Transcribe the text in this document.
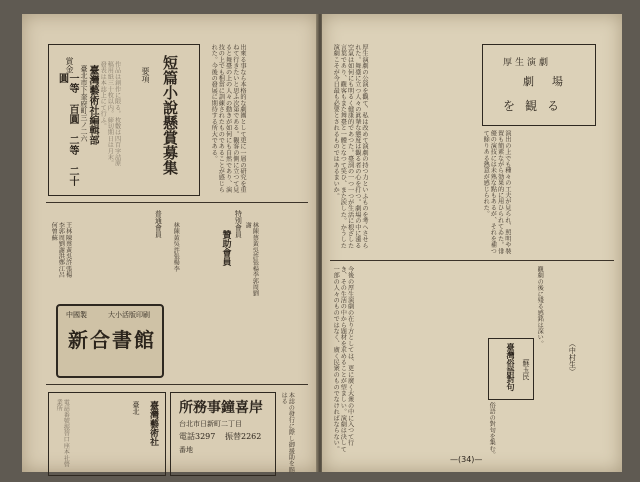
短篇小說懸賞募集
要項
賞金
一等 百圓 二等 二十圓	臺北市下奎府町三ノ二六 臺灣藝術社編輯部	作品は創作に限る。枚數は四百字詰原稿用紙三十枚以内。締切期日は月末。發表は本誌上にて行ふ。	出來る事なら本格的な劇團として更に一層の研究を重ねて行きたいと思ふ次第である。觀客の側に立つて見ると舞臺の上の人々の動きが如何にも自然であり、演技の上でも相當に訓練されたものであることが感じられた。今後の發展に期待する所大である。
贊助會員
特別會員
普通會員
王林陳蔡黃吳許張楊李郭周劉謝洪鄭江呂何曾蘇	林陳黃吳許張楊李	林陳蔡黃吳許張楊李郭周劉謝
中國製
新合書館
大小活版印刷
臺灣藝術社
臺北
電話番號振替口座本社營業所	所務事鐘喜岸
台北市日新町二丁目
電話3297 振替2262
番地	本誌の發行に際し御援助を賜はる
厚生演劇
劇場
を観る
厚生演劇の公演を觀て、私は改めて演劇の持つ力といふものを考へさせられた。舞臺に立つ人々の眞摯な態度は觀る者の心を打つ。劇場の中に漲る空氣は如何にも明るく健康的であつた。臺詞の一つ一つが生活に根ざした言葉であり、觀客もまた舞臺と一體となつて笑ひ、また涙した。かうした演劇こそが今日最も必要とされるものではあるまいか。	演出の上でも種々の工夫が見られ、照明や裝置も簡素ながら効果的に用ひられてゐた。俳優の演技には未熟な點もあるが、それを補つて餘りある熱意が感じられた。
今後の厚生演劇の在り方としては、更に廣く大衆の中に入つて行き、その生活の中から題材を求めることが望ましい。演劇は決して一部の人々のものではなく、廣く民衆のものでなければならない。	臺灣俗語對句 蘇玉民	（中村生）
觀劇の後に殘る感銘は深い。
俗語の對句を集む。
—(34)—
